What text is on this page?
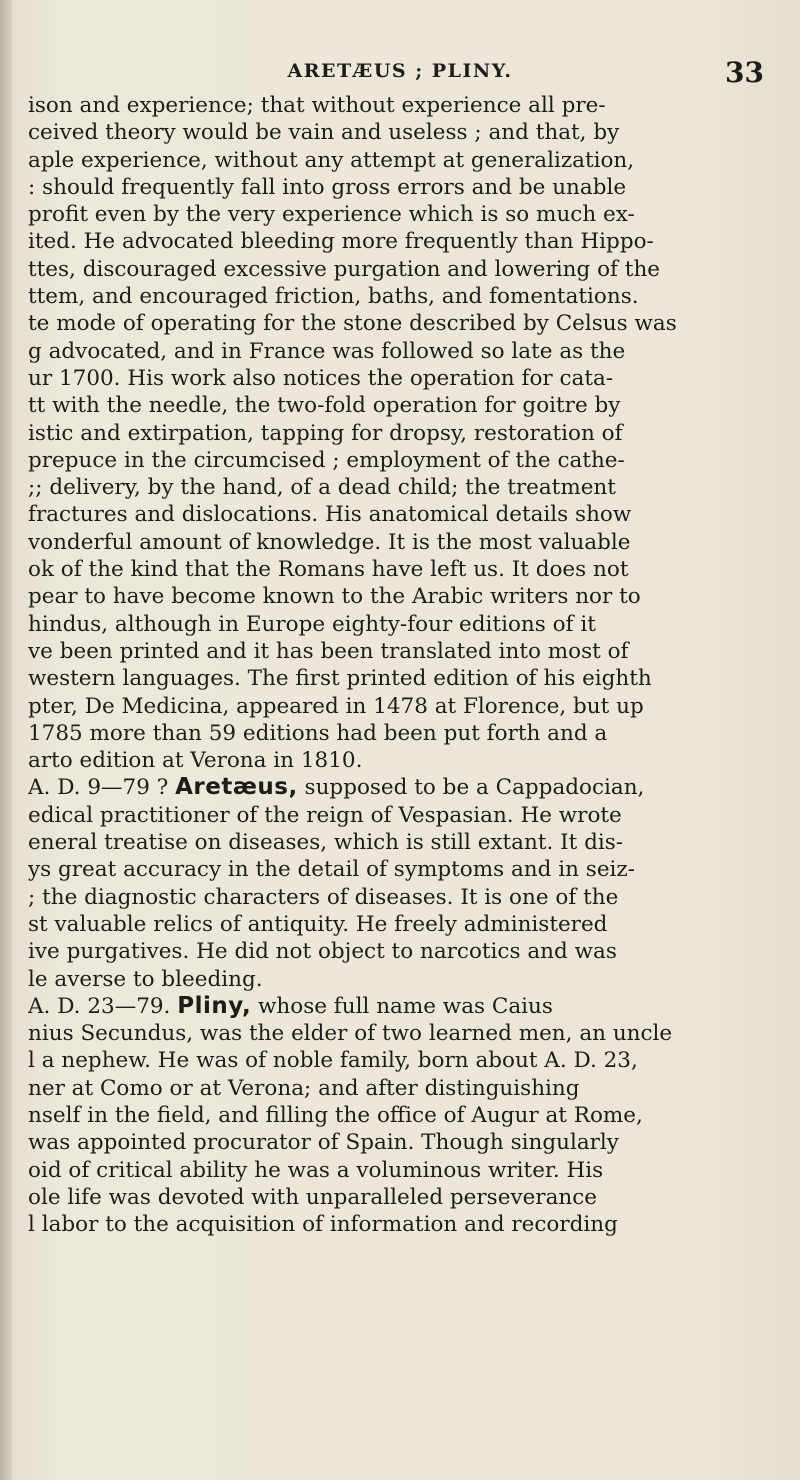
ARETÆUS ; PLINY.	33
ison and experience; that without experience all pre-
ceived theory would be vain and useless ; and that, by
aple experience, without any attempt at generalization,
: should frequently fall into gross errors and be unable
profit even by the very experience which is so much ex-
ited. He advocated bleeding more frequently than Hippo-
ttes, discouraged excessive purgation and lowering of the
ttem, and encouraged friction, baths, and fomentations.
te mode of operating for the stone described by Celsus was
g advocated, and in France was followed so late as the
ur 1700. His work also notices the operation for cata-
tt with the needle, the two-fold operation for goitre by
istic and extirpation, tapping for dropsy, restoration of
prepuce in the circumcised ; employment of the cathe-
;; delivery, by the hand, of a dead child; the treatment
fractures and dislocations. His anatomical details show
vonderful amount of knowledge. It is the most valuable
ok of the kind that the Romans have left us. It does not
pear to have become known to the Arabic writers nor to
hindus, although in Europe eighty-four editions of it
ve been printed and it has been translated into most of
western languages. The first printed edition of his eighth
pter, De Medicina, appeared in 1478 at Florence, but up
1785 more than 59 editions had been put forth and a
arto edition at Verona in 1810.
A. D. 9—79 ? Aretæus, supposed to be a Cappadocian,
edical practitioner of the reign of Vespasian. He wrote
eneral treatise on diseases, which is still extant. It dis-
ys great accuracy in the detail of symptoms and in seiz-
; the diagnostic characters of diseases. It is one of the
st valuable relics of antiquity. He freely administered
ive purgatives. He did not object to narcotics and was
le averse to bleeding.
A. D. 23—79. Pliny, whose full name was Caius
nius Secundus, was the elder of two learned men, an uncle
l a nephew. He was of noble family, born about A. D. 23,
ner at Como or at Verona; and after distinguishing
nself in the field, and filling the office of Augur at Rome,
was appointed procurator of Spain. Though singularly
oid of critical ability he was a voluminous writer. His
ole life was devoted with unparalleled perseverance
l labor to the acquisition of information and recording
